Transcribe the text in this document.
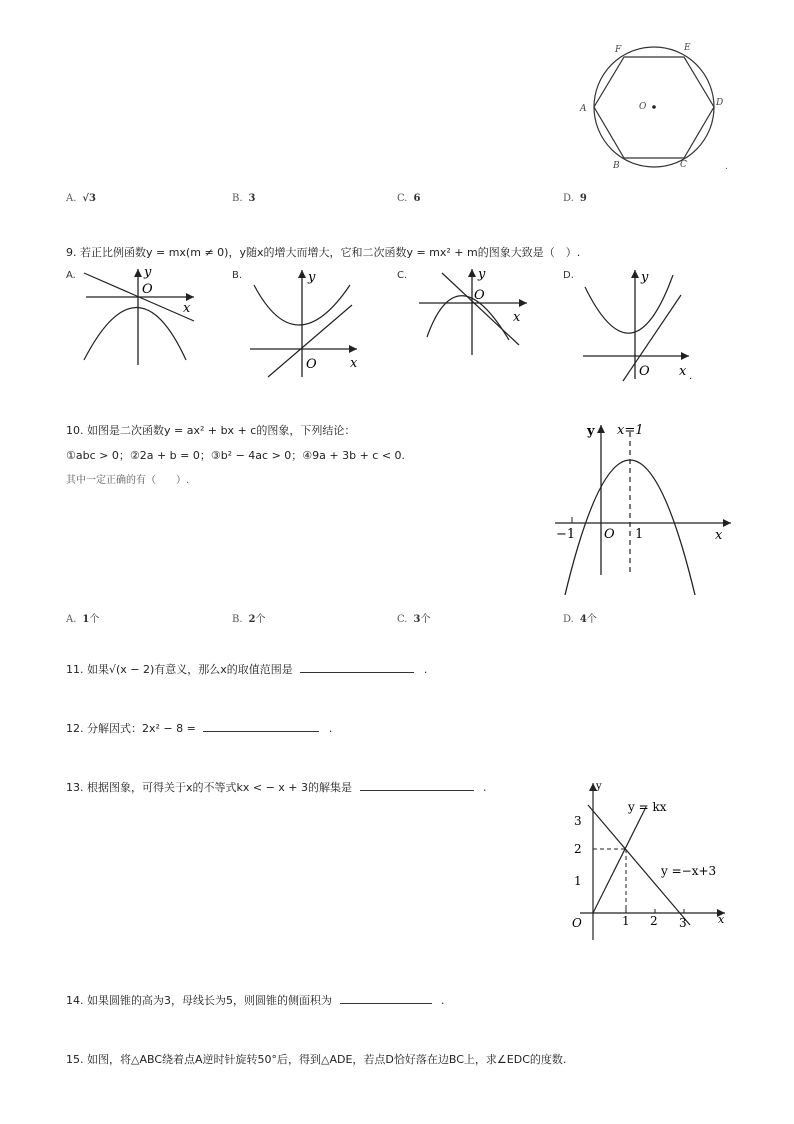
F	E
D
C
B
A	O
.
A. √3	B. 3	C. 6	D. 9
9. 若正比例函数y = mx(m ≠ 0)，y随x的增大而增大，它和二次函数y = mx² + m的图象大致是（　）.
A.	y
O
x
B.	y
O	x
C.	y
O
x
D.	y
O x .
10. 如图是二次函数y = ax² + bx + c的图象，下列结论：
①abc > 0；②2a + b = 0；③b² − 4ac > 0；④9a + 3b + c < 0.
其中一定正确的有（　　）.
y x=1
−1 O 1	x
A. 1个	B. 2个	C. 3个	D. 4个
11. 如果√(x − 2)有意义，那么x的取值范围是	.
12. 分解因式：2x² − 8 =	.
13. 根据图象，可得关于x的不等式kx < − x + 3的解集是	.	y
3
2
1
O	1 2 3	x
y = kx
y =−x+3
14. 如果圆锥的高为3，母线长为5，则圆锥的侧面积为	.
15. 如图，将△ABC绕着点A逆时针旋转50°后，得到△ADE，若点D恰好落在边BC上，求∠EDC的度数.
